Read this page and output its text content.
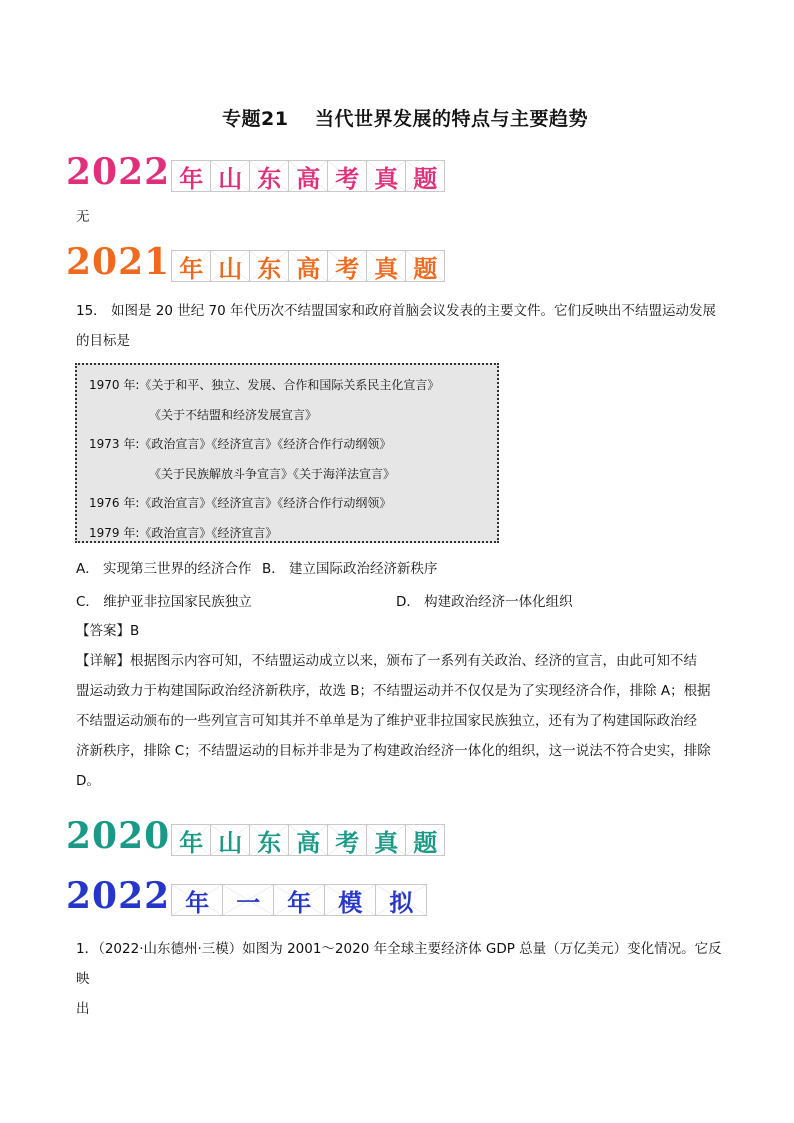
专题21　 当代世界发展的特点与主要趋势
2022 年 山 东 高 考 真 题
无
2021 年 山 东 高 考 真 题
15． 如图是 20 世纪 70 年代历次不结盟国家和政府首脑会议发表的主要文件。它们反映出不结盟运动发展
的目标是
1970 年:《关于和平、独立、发展、合作和国际关系民主化宣言》
《关于不结盟和经济发展宣言》
1973 年:《政治宣言》《经济宣言》《经济合作行动纲领》
《关于民族解放斗争宣言》《关于海洋法宣言》
1976 年:《政治宣言》《经济宣言》《经济合作行动纲领》
1979 年:《政治宣言》《经济宣言》
A． 实现第三世界的经济合作 B． 建立国际政治经济新秩序
C． 维护亚非拉国家民族独立	D． 构建政治经济一体化组织
【答案】B
【详解】根据图示内容可知，不结盟运动成立以来，颁布了一系列有关政治、经济的宣言，由此可知不结
盟运动致力于构建国际政治经济新秩序，故选 B；不结盟运动并不仅仅是为了实现经济合作，排除 A；根据
不结盟运动颁布的一些列宣言可知其并不单单是为了维护亚非拉国家民族独立，还有为了构建国际政治经
济新秩序，排除 C；不结盟运动的目标并非是为了构建政治经济一体化的组织，这一说法不符合史实，排除
D。
2020 年 山 东 高 考 真 题
2022 年	一	年	模	拟
1．（2022·山东德州·三模）如图为 2001～2020 年全球主要经济体 GDP 总量（万亿美元）变化情况。它反映
出
